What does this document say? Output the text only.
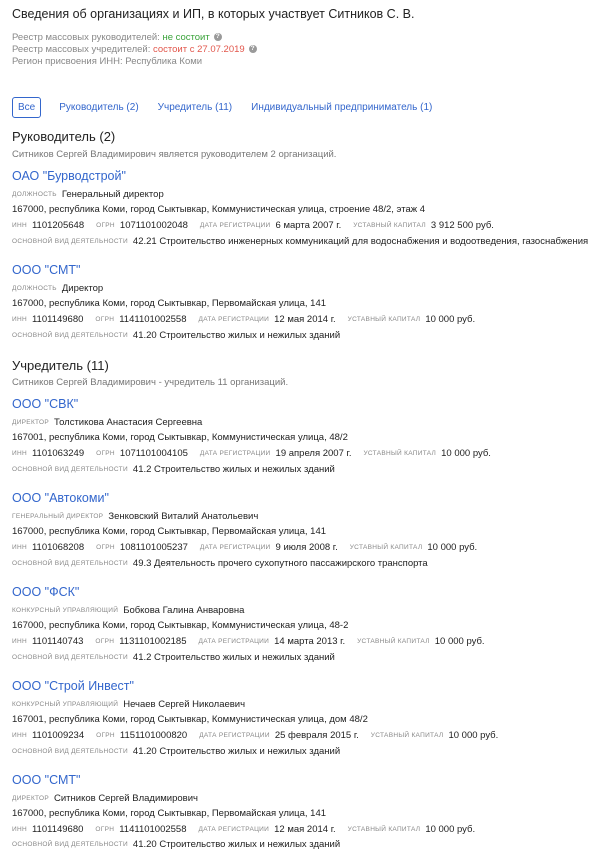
Сведения об организациях и ИП, в которых участвует Ситников С. В.
Реестр массовых руководителей: не состоит ?
Реестр массовых учредителей: состоит с 27.07.2019 ?
Регион присвоения ИНН: Республика Коми
Все	Руководитель (2) Учредитель (11) Индивидуальный предприниматель (1)
Руководитель (2)
Ситников Сергей Владимирович является руководителем 2 организаций.
ОАО "Бурводстрой"
ДОЛЖНОСТЬ Генеральный директор
167000, республика Коми, город Сыктывкар, Коммунистическая улица, строение 48/2, этаж 4
ИНН 1101205648 ОГРН 1071101002048 ДАТА РЕГИСТРАЦИИ 6 марта 2007 г. УСТАВНЫЙ КАПИТАЛ 3 912 500 руб.
ОСНОВНОЙ ВИД ДЕЯТЕЛЬНОСТИ 42.21 Строительство инженерных коммуникаций для водоснабжения и водоотведения, газоснабжения
ООО "СМТ"
ДОЛЖНОСТЬ Директор
167000, республика Коми, город Сыктывкар, Первомайская улица, 141
ИНН 1101149680 ОГРН 1141101002558 ДАТА РЕГИСТРАЦИИ 12 мая 2014 г. УСТАВНЫЙ КАПИТАЛ 10 000 руб.
ОСНОВНОЙ ВИД ДЕЯТЕЛЬНОСТИ 41.20 Строительство жилых и нежилых зданий
Учредитель (11)
Ситников Сергей Владимирович - учредитель 11 организаций.
ООО "СВК"
ДИРЕКТОР Толстикова Анастасия Сергеевна
167001, республика Коми, город Сыктывкар, Коммунистическая улица, 48/2
ИНН 1101063249 ОГРН 1071101004105 ДАТА РЕГИСТРАЦИИ 19 апреля 2007 г. УСТАВНЫЙ КАПИТАЛ 10 000 руб.
ОСНОВНОЙ ВИД ДЕЯТЕЛЬНОСТИ 41.2 Строительство жилых и нежилых зданий
ООО "Автокоми"
ГЕНЕРАЛЬНЫЙ ДИРЕКТОР Зенковский Виталий Анатольевич
167000, республика Коми, город Сыктывкар, Первомайская улица, 141
ИНН 1101068208 ОГРН 1081101005237 ДАТА РЕГИСТРАЦИИ 9 июля 2008 г. УСТАВНЫЙ КАПИТАЛ 10 000 руб.
ОСНОВНОЙ ВИД ДЕЯТЕЛЬНОСТИ 49.3 Деятельность прочего сухопутного пассажирского транспорта
ООО "ФСК"
КОНКУРСНЫЙ УПРАВЛЯЮЩИЙ Бобкова Галина Анваровна
167000, республика Коми, город Сыктывкар, Коммунистическая улица, 48-2
ИНН 1101140743 ОГРН 1131101002185 ДАТА РЕГИСТРАЦИИ 14 марта 2013 г. УСТАВНЫЙ КАПИТАЛ 10 000 руб.
ОСНОВНОЙ ВИД ДЕЯТЕЛЬНОСТИ 41.2 Строительство жилых и нежилых зданий
ООО "Строй Инвест"
КОНКУРСНЫЙ УПРАВЛЯЮЩИЙ Нечаев Сергей Николаевич
167001, республика Коми, город Сыктывкар, Коммунистическая улица, дом 48/2
ИНН 1101009234 ОГРН 1151101000820 ДАТА РЕГИСТРАЦИИ 25 февраля 2015 г. УСТАВНЫЙ КАПИТАЛ 10 000 руб.
ОСНОВНОЙ ВИД ДЕЯТЕЛЬНОСТИ 41.20 Строительство жилых и нежилых зданий
ООО "СМТ"
ДИРЕКТОР Ситников Сергей Владимирович
167000, республика Коми, город Сыктывкар, Первомайская улица, 141
ИНН 1101149680 ОГРН 1141101002558 ДАТА РЕГИСТРАЦИИ 12 мая 2014 г. УСТАВНЫЙ КАПИТАЛ 10 000 руб.
ОСНОВНОЙ ВИД ДЕЯТЕЛЬНОСТИ 41.20 Строительство жилых и нежилых зданий
